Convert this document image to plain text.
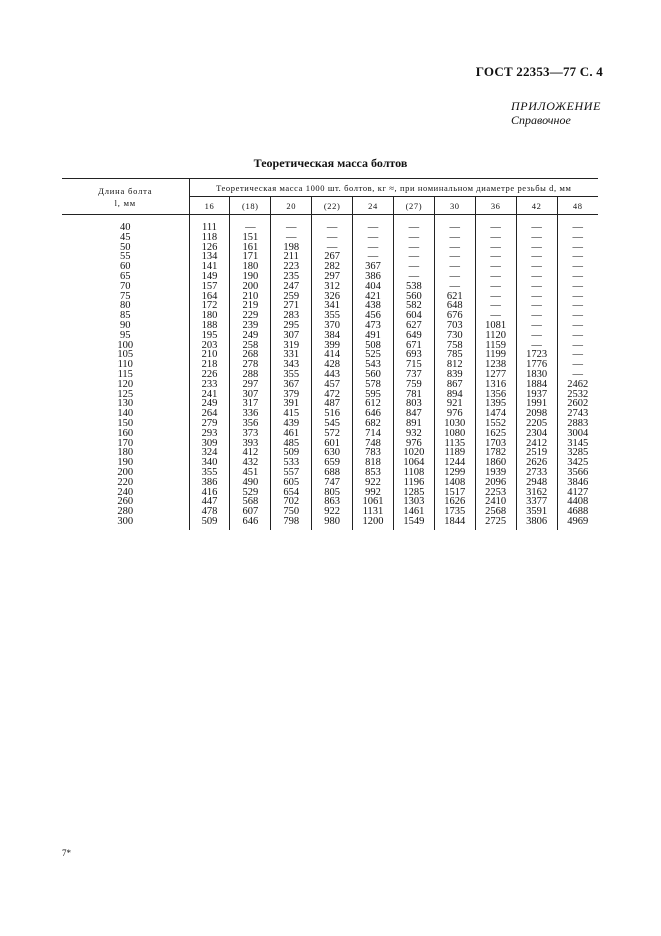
ГОСТ 22353—77 С. 4
ПРИЛОЖЕНИЕ
Справочное
Теоретическая масса болтов
Длина болта
l, мм	Теоретическая масса 1000 шт. болтов, кг ≈, при номинальном диаметре резьбы d, мм									
	16	(18)	20	(22)	24	(27)	30	36	42	48
40	111	—	—	—	—	—	—	—	—	—
45	118	151	—	—	—	—	—	—	—	—
50	126	161	198	—	—	—	—	—	—	—
55	134	171	211	267	—	—	—	—	—	—
60	141	180	223	282	367	—	—	—	—	—
65	149	190	235	297	386	—	—	—	—	—
70	157	200	247	312	404	538	—	—	—	—
75	164	210	259	326	421	560	621	—	—	—
80	172	219	271	341	438	582	648	—	—	—
85	180	229	283	355	456	604	676	—	—	—
90	188	239	295	370	473	627	703	1081	—	—
95	195	249	307	384	491	649	730	1120	—	—
100	203	258	319	399	508	671	758	1159	—	—
105	210	268	331	414	525	693	785	1199	1723	—
110	218	278	343	428	543	715	812	1238	1776	—
115	226	288	355	443	560	737	839	1277	1830	—
120	233	297	367	457	578	759	867	1316	1884	2462
125	241	307	379	472	595	781	894	1356	1937	2532
130	249	317	391	487	612	803	921	1395	1991	2602
140	264	336	415	516	646	847	976	1474	2098	2743
150	279	356	439	545	682	891	1030	1552	2205	2883
160	293	373	461	572	714	932	1080	1625	2304	3004
170	309	393	485	601	748	976	1135	1703	2412	3145
180	324	412	509	630	783	1020	1189	1782	2519	3285
190	340	432	533	659	818	1064	1244	1860	2626	3425
200	355	451	557	688	853	1108	1299	1939	2733	3566
220	386	490	605	747	922	1196	1408	2096	2948	3846
240	416	529	654	805	992	1285	1517	2253	3162	4127
260	447	568	702	863	1061	1303	1626	2410	3377	4408
280	478	607	750	922	1131	1461	1735	2568	3591	4688
300	509	646	798	980	1200	1549	1844	2725	3806	4969
7*
